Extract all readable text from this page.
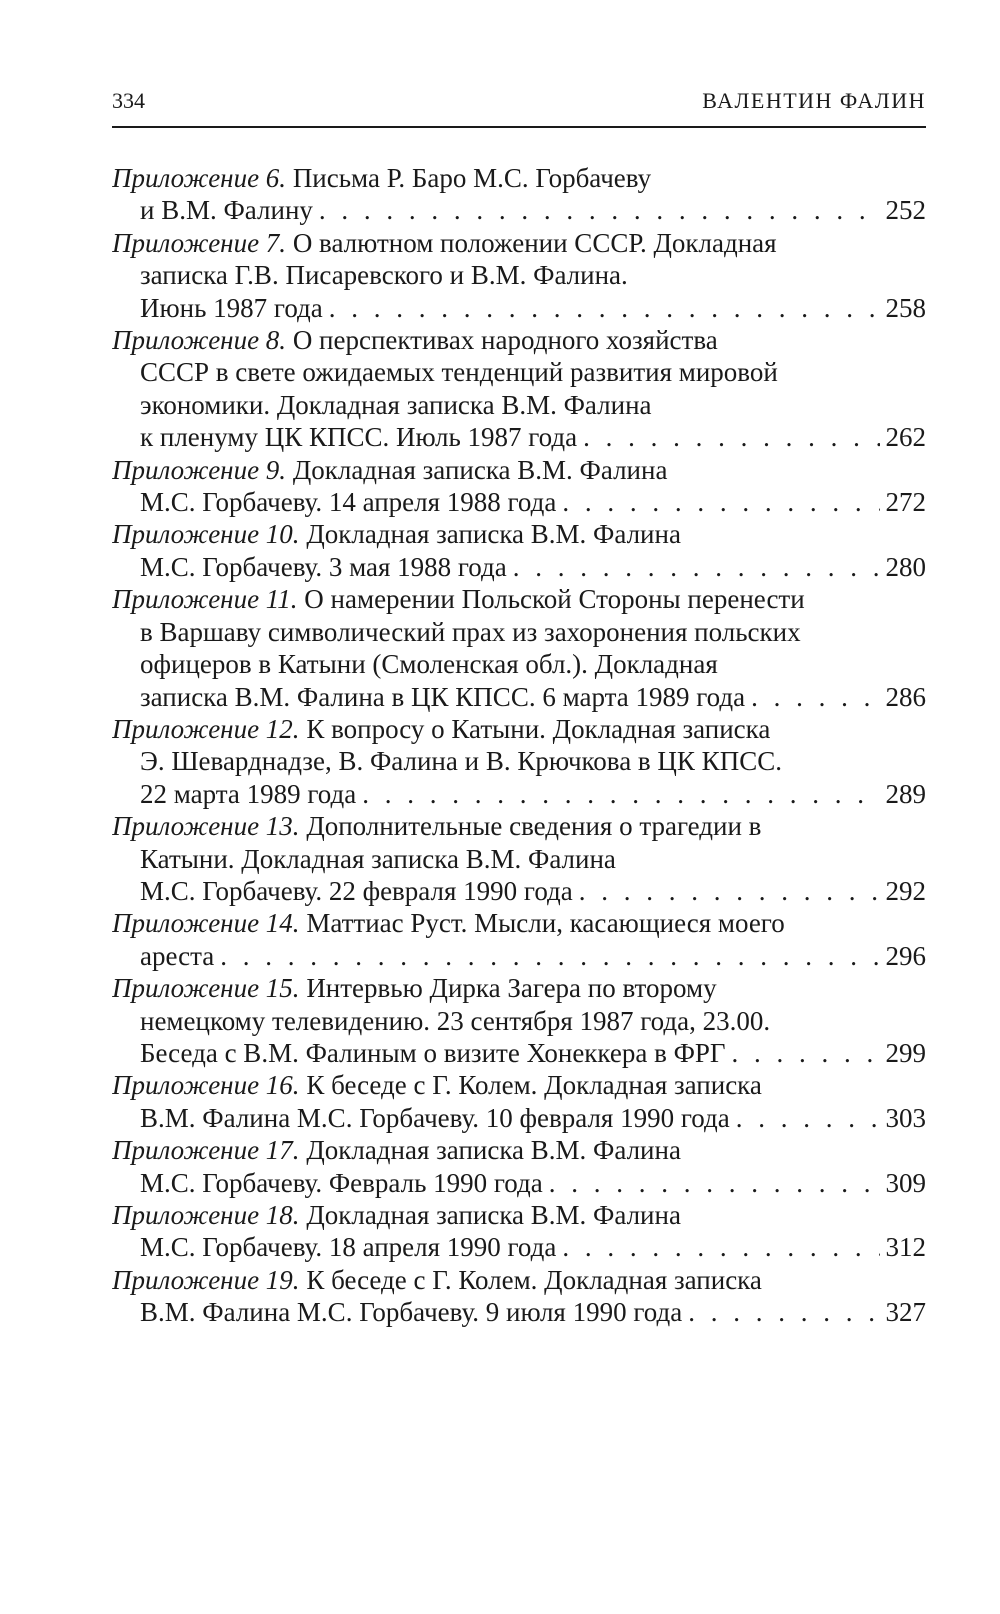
334	ВАЛЕНТИН ФАЛИН
Приложение 6. Письма Р. Баро М.С. Горбачеву
и В.М. Фалину . . .	252
Приложение 7. О валютном положении СССР. Докладная
записка Г.В. Писаревского и В.М. Фалина.
Июнь 1987 года . . .	258
Приложение 8. О перспективах народного хозяйства
СССР в свете ожидаемых тенденций развития мировой
экономики. Докладная записка В.М. Фалина
к пленуму ЦК КПСС. Июль 1987 года . . .	262
Приложение 9. Докладная записка В.М. Фалина
М.С. Горбачеву. 14 апреля 1988 года . . .	272
Приложение 10. Докладная записка В.М. Фалина
М.С. Горбачеву. 3 мая 1988 года . . .	280
Приложение 11. О намерении Польской Стороны перенести
в Варшаву символический прах из захоронения польских
офицеров в Катыни (Смоленская обл.). Докладная
записка В.М. Фалина в ЦК КПСС. 6 марта 1989 года . . .	286
Приложение 12. К вопросу о Катыни. Докладная записка
Э. Шеварднадзе, В. Фалина и В. Крючкова в ЦК КПСС.
22 марта 1989 года . . .	289
Приложение 13. Дополнительные сведения о трагедии в
Катыни. Докладная записка В.М. Фалина
М.С. Горбачеву. 22 февраля 1990 года . . .	292
Приложение 14. Маттиас Руст. Мысли, касающиеся моего
ареста . . .	296
Приложение 15. Интервью Дирка Загера по второму
немецкому телевидению. 23 сентября 1987 года, 23.00.
Беседа с В.М. Фалиным о визите Хонеккера в ФРГ . . .	299
Приложение 16. К беседе с Г. Колем. Докладная записка
В.М. Фалина М.С. Горбачеву. 10 февраля 1990 года . . .	303
Приложение 17. Докладная записка В.М. Фалина
М.С. Горбачеву. Февраль 1990 года . . .	309
Приложение 18. Докладная записка В.М. Фалина
М.С. Горбачеву. 18 апреля 1990 года . . .	312
Приложение 19. К беседе с Г. Колем. Докладная записка
В.М. Фалина М.С. Горбачеву. 9 июля 1990 года . . .	327
